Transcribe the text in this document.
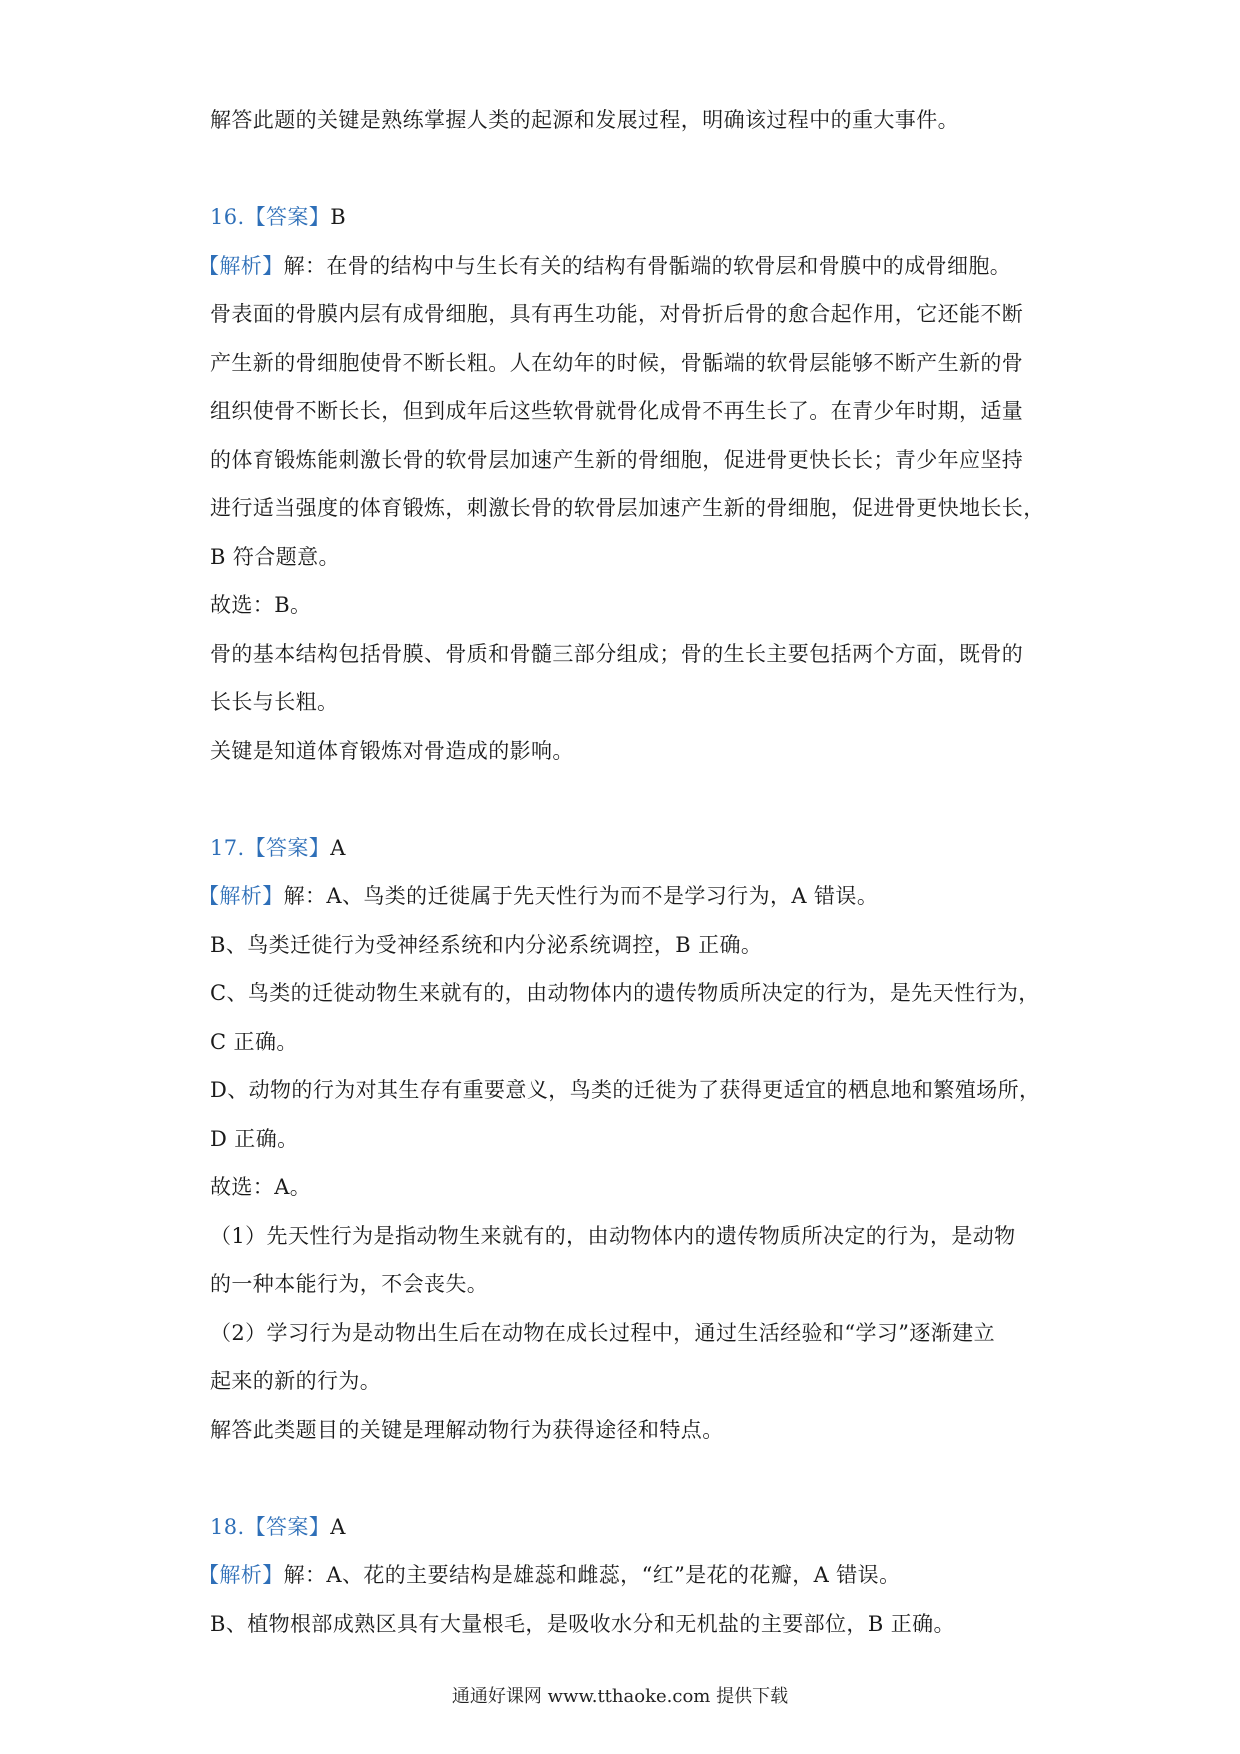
解答此题的关键是熟练掌握人类的起源和发展过程，明确该过程中的重大事件。
16.【答案】B
【解析】解：在骨的结构中与生长有关的结构有骨骺端的软骨层和骨膜中的成骨细胞。
骨表面的骨膜内层有成骨细胞，具有再生功能，对骨折后骨的愈合起作用，它还能不断
产生新的骨细胞使骨不断长粗。人在幼年的时候，骨骺端的软骨层能够不断产生新的骨
组织使骨不断长长，但到成年后这些软骨就骨化成骨不再生长了。在青少年时期，适量
的体育锻炼能刺激长骨的软骨层加速产生新的骨细胞，促进骨更快长长；青少年应坚持
进行适当强度的体育锻炼，刺激长骨的软骨层加速产生新的骨细胞，促进骨更快地长长，
B 符合题意。
故选：B。
骨的基本结构包括骨膜、骨质和骨髓三部分组成；骨的生长主要包括两个方面，既骨的
长长与长粗。
关键是知道体育锻炼对骨造成的影响。
17.【答案】A
【解析】解：A、鸟类的迁徙属于先天性行为而不是学习行为，A 错误。
B、鸟类迁徙行为受神经系统和内分泌系统调控，B 正确。
C、鸟类的迁徙动物生来就有的，由动物体内的遗传物质所决定的行为，是先天性行为，
C 正确。
D、动物的行为对其生存有重要意义，鸟类的迁徙为了获得更适宜的栖息地和繁殖场所，
D 正确。
故选：A。
（1）先天性行为是指动物生来就有的，由动物体内的遗传物质所决定的行为，是动物
的一种本能行为，不会丧失。
（2）学习行为是动物出生后在动物在成长过程中，通过生活经验和“学习”逐渐建立
起来的新的行为。
解答此类题目的关键是理解动物行为获得途径和特点。
18.【答案】A
【解析】解：A、花的主要结构是雄蕊和雌蕊，“红”是花的花瓣，A 错误。
B、植物根部成熟区具有大量根毛，是吸收水分和无机盐的主要部位，B 正确。
通通好课网 www.tthaoke.com 提供下载
